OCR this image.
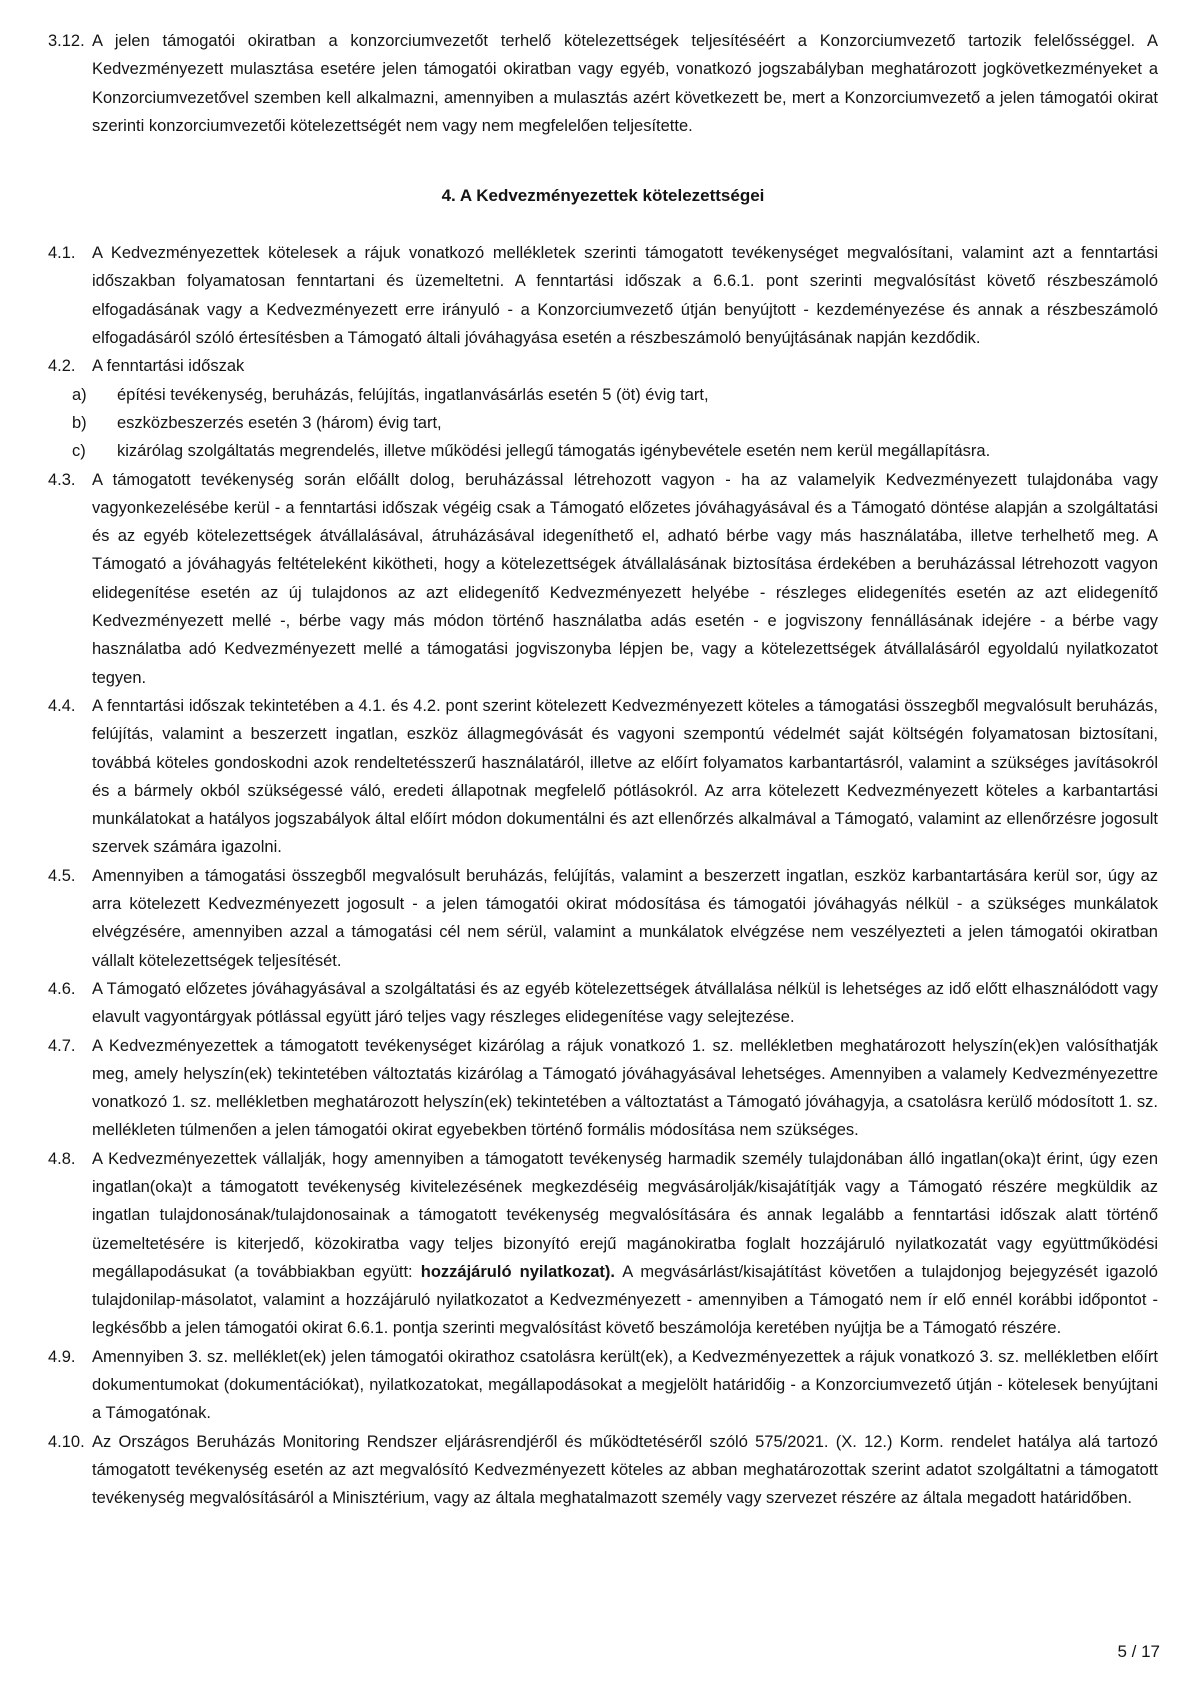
3.12. A jelen támogatói okiratban a konzorciumvezetőt terhelő kötelezettségek teljesítéséért a Konzorciumvezető tartozik felelősséggel. A Kedvezményezett mulasztása esetére jelen támogatói okiratban vagy egyéb, vonatkozó jogszabályban meghatározott jogkövetkezményeket a Konzorciumvezetővel szemben kell alkalmazni, amennyiben a mulasztás azért következett be, mert a Konzorciumvezető a jelen támogatói okirat szerinti konzorciumvezetői kötelezettségét nem vagy nem megfelelően teljesítette.
4. A Kedvezményezettek kötelezettségei
4.1. A Kedvezményezettek kötelesek a rájuk vonatkozó mellékletek szerinti támogatott tevékenységet megvalósítani, valamint azt a fenntartási időszakban folyamatosan fenntartani és üzemeltetni. A fenntartási időszak a 6.6.1. pont szerinti megvalósítást követő részbeszámoló elfogadásának vagy a Kedvezményezett erre irányuló - a Konzorciumvezető útján benyújtott - kezdeményezése és annak a részbeszámoló elfogadásáról szóló értesítésben a Támogató általi jóváhagyása esetén a részbeszámoló benyújtásának napján kezdődik.
4.2. A fenntartási időszak
a)	építési tevékenység, beruházás, felújítás, ingatlanvásárlás esetén 5 (öt) évig tart,
b)	eszközbeszerzés esetén 3 (három) évig tart,
c)	kizárólag szolgáltatás megrendelés, illetve működési jellegű támogatás igénybevétele esetén nem kerül megállapításra.
4.3. A támogatott tevékenység során előállt dolog, beruházással létrehozott vagyon - ha az valamelyik Kedvezményezett tulajdonába vagy vagyonkezelésébe kerül - a fenntartási időszak végéig csak a Támogató előzetes jóváhagyásával és a Támogató döntése alapján a szolgáltatási és az egyéb kötelezettségek átvállalásával, átruházásával idegeníthető el, adható bérbe vagy más használatába, illetve terhelhető meg. A Támogató a jóváhagyás feltételeként kikötheti, hogy a kötelezettségek átvállalásának biztosítása érdekében a beruházással létrehozott vagyon elidegenítése esetén az új tulajdonos az azt elidegenítő Kedvezményezett helyébe - részleges elidegenítés esetén az azt elidegenítő Kedvezményezett mellé -, bérbe vagy más módon történő használatba adás esetén - e jogviszony fennállásának idejére - a bérbe vagy használatba adó Kedvezményezett mellé a támogatási jogviszonyba lépjen be, vagy a kötelezettségek átvállalásáról egyoldalú nyilatkozatot tegyen.
4.4. A fenntartási időszak tekintetében a 4.1. és 4.2. pont szerint kötelezett Kedvezményezett köteles a támogatási összegből megvalósult beruházás, felújítás, valamint a beszerzett ingatlan, eszköz állagmegóvását és vagyoni szempontú védelmét saját költségén folyamatosan biztosítani, továbbá köteles gondoskodni azok rendeltetésszerű használatáról, illetve az előírt folyamatos karbantartásról, valamint a szükséges javításokról és a bármely okból szükségessé váló, eredeti állapotnak megfelelő pótlásokról. Az arra kötelezett Kedvezményezett köteles a karbantartási munkálatokat a hatályos jogszabályok által előírt módon dokumentálni és azt ellenőrzés alkalmával a Támogató, valamint az ellenőrzésre jogosult szervek számára igazolni.
4.5. Amennyiben a támogatási összegből megvalósult beruházás, felújítás, valamint a beszerzett ingatlan, eszköz karbantartására kerül sor, úgy az arra kötelezett Kedvezményezett jogosult - a jelen támogatói okirat módosítása és támogatói jóváhagyás nélkül - a szükséges munkálatok elvégzésére, amennyiben azzal a támogatási cél nem sérül, valamint a munkálatok elvégzése nem veszélyezteti a jelen támogatói okiratban vállalt kötelezettségek teljesítését.
4.6. A Támogató előzetes jóváhagyásával a szolgáltatási és az egyéb kötelezettségek átvállalása nélkül is lehetséges az idő előtt elhasználódott vagy elavult vagyontárgyak pótlással együtt járó teljes vagy részleges elidegenítése vagy selejtezése.
4.7. A Kedvezményezettek a támogatott tevékenységet kizárólag a rájuk vonatkozó 1. sz. mellékletben meghatározott helyszín(ek)en valósíthatják meg, amely helyszín(ek) tekintetében változtatás kizárólag a Támogató jóváhagyásával lehetséges. Amennyiben a valamely Kedvezményezettre vonatkozó 1. sz. mellékletben meghatározott helyszín(ek) tekintetében a változtatást a Támogató jóváhagyja, a csatolásra kerülő módosított 1. sz. mellékleten túlmenően a jelen támogatói okirat egyebekben történő formális módosítása nem szükséges.
4.8. A Kedvezményezettek vállalják, hogy amennyiben a támogatott tevékenység harmadik személy tulajdonában álló ingatlan(oka)t érint, úgy ezen ingatlan(oka)t a támogatott tevékenység kivitelezésének megkezdéséig megvásárolják/kisajátítják vagy a Támogató részére megküldik az ingatlan tulajdonosának/tulajdonosainak a támogatott tevékenység megvalósítására és annak legalább a fenntartási időszak alatt történő üzemeltetésére is kiterjedő, közokiratba vagy teljes bizonyító erejű magánokiratba foglalt hozzájáruló nyilatkozatát vagy együttműködési megállapodásukat (a továbbiakban együtt: hozzájáruló nyilatkozat). A megvásárlást/kisajátítást követően a tulajdonjog bejegyzését igazoló tulajdonilap-másolatot, valamint a hozzájáruló nyilatkozatot a Kedvezményezett - amennyiben a Támogató nem ír elő ennél korábbi időpontot - legkésőbb a jelen támogatói okirat 6.6.1. pontja szerinti megvalósítást követő beszámolója keretében nyújtja be a Támogató részére.
4.9. Amennyiben 3. sz. melléklet(ek) jelen támogatói okirathoz csatolásra került(ek), a Kedvezményezettek a rájuk vonatkozó 3. sz. mellékletben előírt dokumentumokat (dokumentációkat), nyilatkozatokat, megállapodásokat a megjelölt határidőig - a Konzorciumvezető útján - kötelesek benyújtani a Támogatónak.
4.10. Az Országos Beruházás Monitoring Rendszer eljárásrendjéről és működtetéséről szóló 575/2021. (X. 12.) Korm. rendelet hatálya alá tartozó támogatott tevékenység esetén az azt megvalósító Kedvezményezett köteles az abban meghatározottak szerint adatot szolgáltatni a támogatott tevékenység megvalósításáról a Minisztérium, vagy az általa meghatalmazott személy vagy szervezet részére az általa megadott határidőben.
5 / 17
